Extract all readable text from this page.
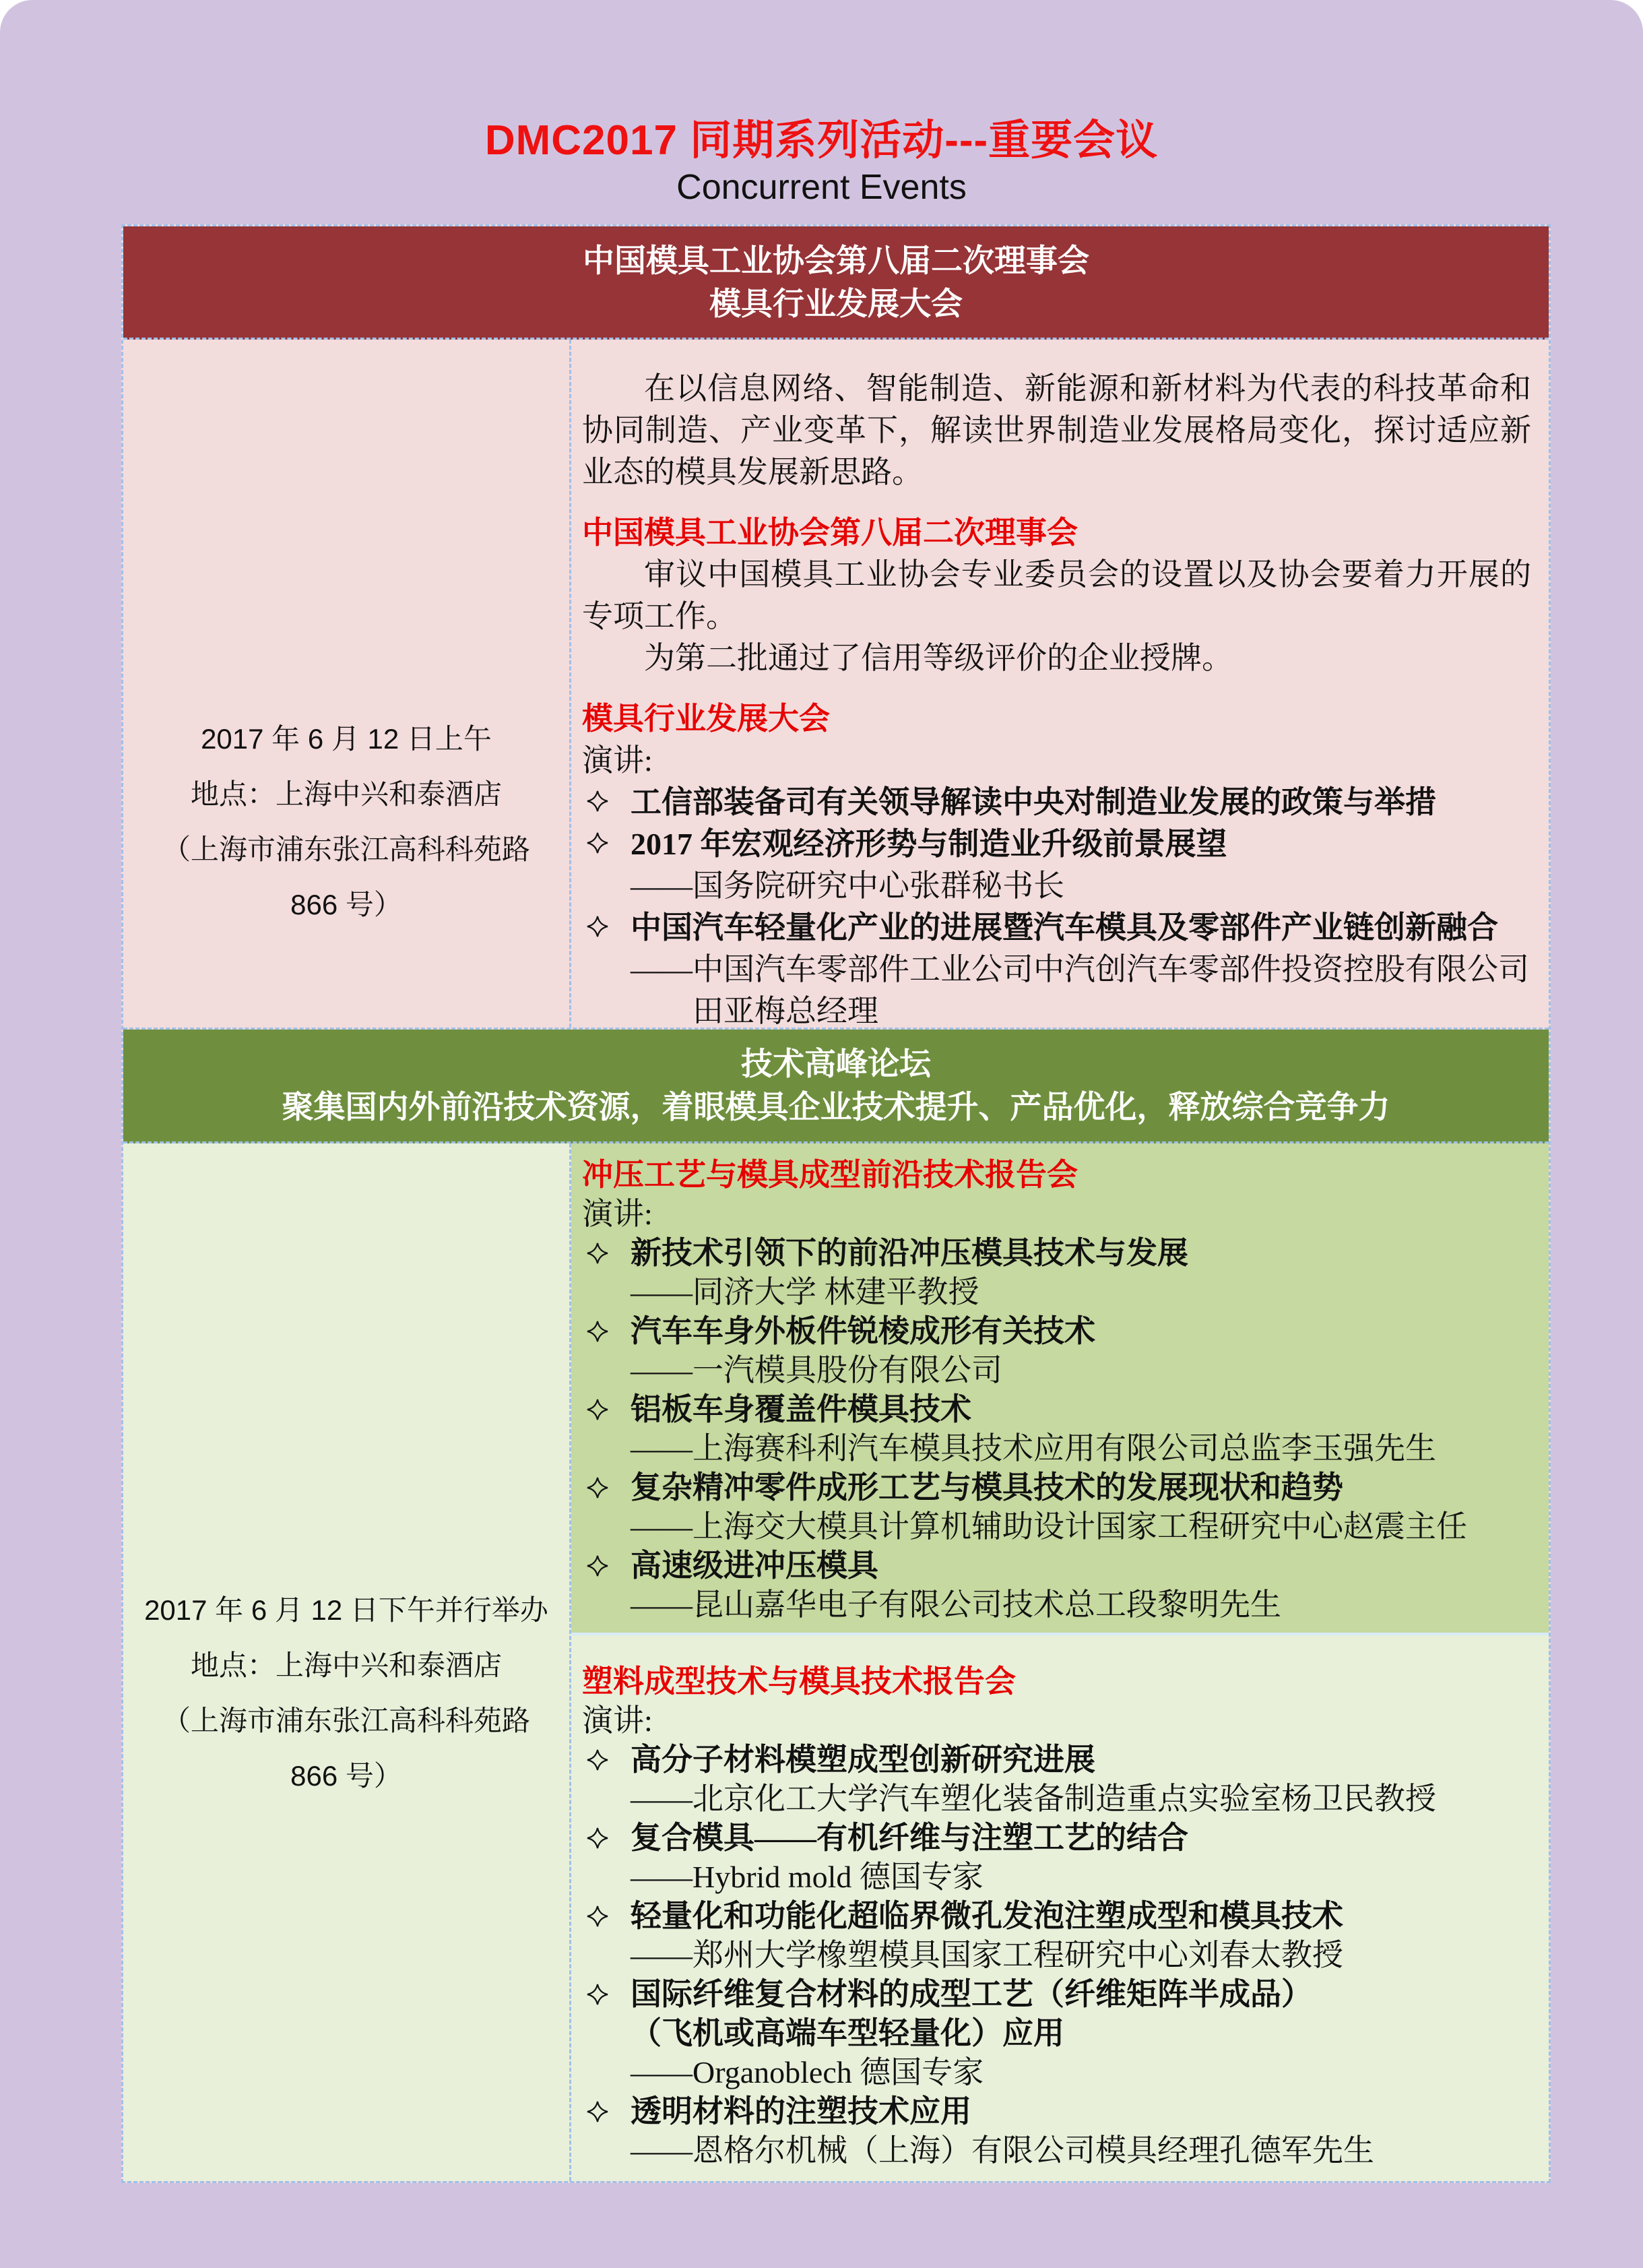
DMC2017 同期系列活动---重要会议
Concurrent Events
中国模具工业协会第八届二次理事会
模具行业发展大会
2017 年 6 月 12 日上午
地点：上海中兴和泰酒店
（上海市浦东张江高科科苑路
866 号）
在以信息网络、智能制造、新能源和新材料为代表的科技革命和协同制造、产业变革下，解读世界制造业发展格局变化，探讨适应新业态的模具发展新思路。
中国模具工业协会第八届二次理事会
审议中国模具工业协会专业委员会的设置以及协会要着力开展的专项工作。
为第二批通过了信用等级评价的企业授牌。
模具行业发展大会
演讲:
工信部装备司有关领导解读中央对制造业发展的政策与举措
2017 年宏观经济形势与制造业升级前景展望
——国务院研究中心张群秘书长
中国汽车轻量化产业的进展暨汽车模具及零部件产业链创新融合
——中国汽车零部件工业公司中汽创汽车零部件投资控股有限公司
田亚梅总经理
技术高峰论坛
聚集国内外前沿技术资源，着眼模具企业技术提升、产品优化，释放综合竞争力
2017 年 6 月 12 日下午并行举办
地点：上海中兴和泰酒店
（上海市浦东张江高科科苑路
866 号）
冲压工艺与模具成型前沿技术报告会
演讲:
新技术引领下的前沿冲压模具技术与发展
——同济大学 林建平教授
汽车车身外板件锐棱成形有关技术
——一汽模具股份有限公司
铝板车身覆盖件模具技术
——上海赛科利汽车模具技术应用有限公司总监李玉强先生
复杂精冲零件成形工艺与模具技术的发展现状和趋势
——上海交大模具计算机辅助设计国家工程研究中心赵震主任
高速级进冲压模具
——昆山嘉华电子有限公司技术总工段黎明先生
塑料成型技术与模具技术报告会
演讲:
高分子材料模塑成型创新研究进展
——北京化工大学汽车塑化装备制造重点实验室杨卫民教授
复合模具——有机纤维与注塑工艺的结合
——Hybrid mold 德国专家
轻量化和功能化超临界微孔发泡注塑成型和模具技术
——郑州大学橡塑模具国家工程研究中心刘春太教授
国际纤维复合材料的成型工艺（纤维矩阵半成品）
（飞机或高端车型轻量化）应用
——Organoblech 德国专家
透明材料的注塑技术应用
——恩格尔机械（上海）有限公司模具经理孔德军先生
